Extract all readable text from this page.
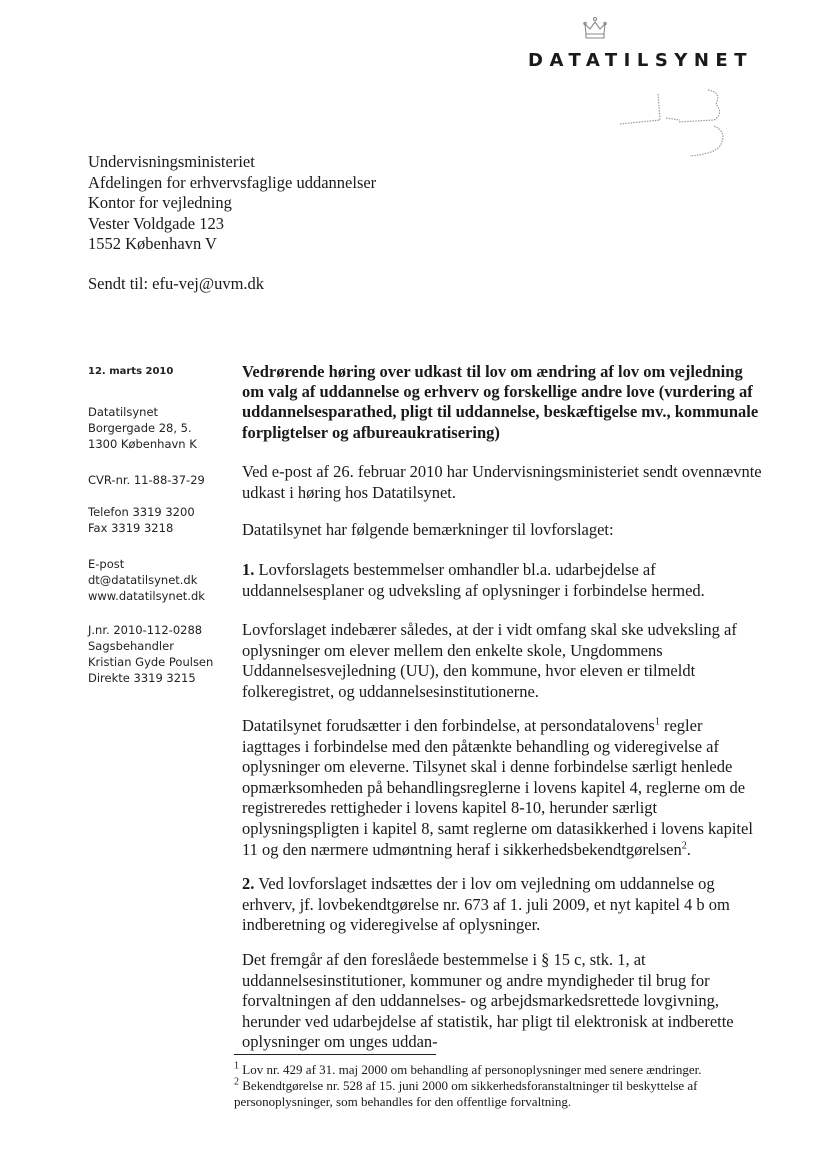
DATATILSYNET
Undervisningsministeriet
Afdelingen for erhvervsfaglige uddannelser
Kontor for vejledning
Vester Voldgade 123
1552 København V
Sendt til: efu-vej@uvm.dk
12. marts 2010
Datatilsynet
Borgergade 28, 5.
1300 København K
CVR-nr. 11-88-37-29
Telefon 3319 3200
Fax 3319 3218
E-post
dt@datatilsynet.dk
www.datatilsynet.dk
J.nr. 2010-112-0288
Sagsbehandler
Kristian Gyde Poulsen
Direkte 3319 3215
Vedrørende høring over udkast til lov om ændring af lov om vejledning om valg af uddannelse og erhverv og forskellige andre love (vurdering af uddannelsesparathed, pligt til uddannelse, beskæftigelse mv., kommunale forpligtelser og afbureaukratisering)
Ved e-post af 26. februar 2010 har Undervisningsministeriet sendt ovennævnte udkast i høring hos Datatilsynet.
Datatilsynet har følgende bemærkninger til lovforslaget:
1. Lovforslagets bestemmelser omhandler bl.a. udarbejdelse af uddannelsesplaner og udveksling af oplysninger i forbindelse hermed.
Lovforslaget indebærer således, at der i vidt omfang skal ske udveksling af oplysninger om elever mellem den enkelte skole, Ungdommens Uddannelsesvejledning (UU), den kommune, hvor eleven er tilmeldt folkeregistret, og uddannelsesinstitutionerne.
Datatilsynet forudsætter i den forbindelse, at persondatalovens$^1$ regler iagttages i forbindelse med den påtænkte behandling og videregivelse af oplysninger om eleverne. Tilsynet skal i denne forbindelse særligt henlede opmærksomheden på behandlingsreglerne i lovens kapitel 4, reglerne om de registreredes rettigheder i lovens kapitel 8-10, herunder særligt oplysningspligten i kapitel 8, samt reglerne om datasikkerhed i lovens kapitel 11 og den nærmere udmøntning heraf i sikkerhedsbekendtgørelsen$^2$.
2. Ved lovforslaget indsættes der i lov om vejledning om uddannelse og erhverv, jf. lovbekendtgørelse nr. 673 af 1. juli 2009, et nyt kapitel 4 b om indberetning og videregivelse af oplysninger.
Det fremgår af den foreslåede bestemmelse i § 15 c, stk. 1, at uddannelsesinstitutioner, kommuner og andre myndigheder til brug for forvaltningen af den uddannelses- og arbejdsmarkedsrettede lovgivning, herunder ved udarbejdelse af statistik, har pligt til elektronisk at indberette oplysninger om unges uddan-
$^1$ Lov nr. 429 af 31. maj 2000 om behandling af personoplysninger med senere ændringer.
$^2$ Bekendtgørelse nr. 528 af 15. juni 2000 om sikkerhedsforanstaltninger til beskyttelse af personoplysninger, som behandles for den offentlige forvaltning.
